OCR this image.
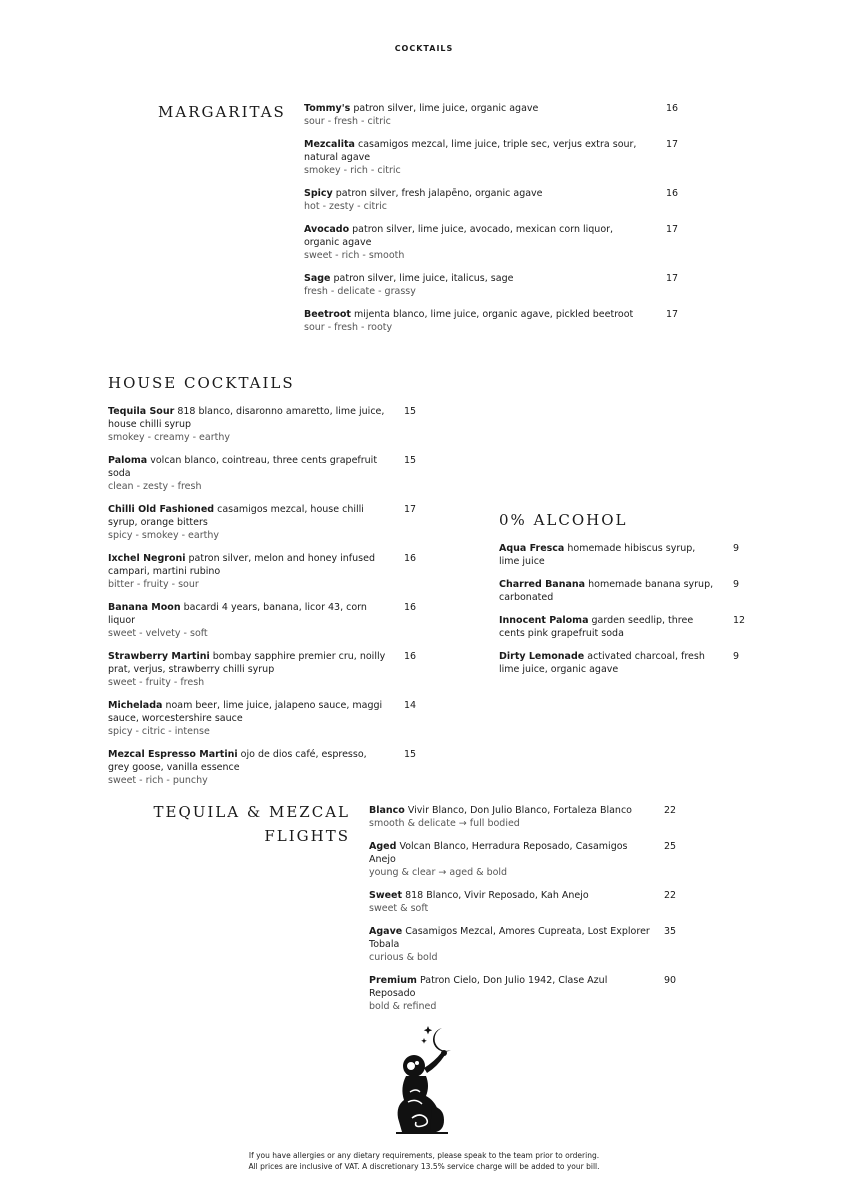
COCKTAILS
MARGARITAS Tommy's patron silver, lime juice, organic agave
sour - fresh - citric
16
Mezcalita casamigos mezcal, lime juice, triple sec, verjus extra sour, natural agave
smokey - rich - citric
17
Spicy patron silver, fresh jalapēno, organic agave
hot - zesty - citric
16
Avocado patron silver, lime juice, avocado, mexican corn liquor, organic agave
sweet - rich - smooth
17
Sage patron silver, lime juice, italicus, sage
fresh - delicate - grassy
17
Beetroot mijenta blanco, lime juice, organic agave, pickled beetroot
sour - fresh - rooty
17
HOUSE COCKTAILS
Tequila Sour 818 blanco, disaronno amaretto, lime juice, house chilli syrup
smokey - creamy - earthy
15
Paloma volcan blanco, cointreau, three cents grapefruit soda
clean - zesty - fresh
15
Chilli Old Fashioned casamigos mezcal, house chilli syrup, orange bitters
spicy - smokey - earthy
17
Ixchel Negroni patron silver, melon and honey infused campari, martini rubino
bitter - fruity - sour
16
Banana Moon bacardi 4 years, banana, licor 43, corn liquor
sweet - velvety - soft
16
Strawberry Martini bombay sapphire premier cru, noilly prat, verjus, strawberry chilli syrup
sweet - fruity - fresh
16
Michelada noam beer, lime juice, jalapeno sauce, maggi sauce, worcestershire sauce
spicy - citric - intense
14
Mezcal Espresso Martini ojo de dios café, espresso, grey goose, vanilla essence
sweet - rich - punchy
15
0% ALCOHOL
Aqua Fresca homemade hibiscus syrup, lime juice
9
Charred Banana homemade banana syrup, carbonated
9
Innocent Paloma garden seedlip, three cents pink grapefruit soda
12
Dirty Lemonade activated charcoal, fresh lime juice, organic agave
9
TEQUILA & MEZCAL
FLIGHTS
Blanco Vivir Blanco, Don Julio Blanco, Fortaleza Blanco
smooth & delicate → full bodied
22
Aged Volcan Blanco, Herradura Reposado, Casamigos Anejo
young & clear → aged & bold
25
Sweet 818 Blanco, Vivir Reposado, Kah Anejo
sweet & soft
22
Agave Casamigos Mezcal, Amores Cupreata, Lost Explorer Tobala
curious & bold
35
Premium Patron Cielo, Don Julio 1942, Clase Azul Reposado
bold & refined
90
If you have allergies or any dietary requirements, please speak to the team prior to ordering.
All prices are inclusive of VAT. A discretionary 13.5% service charge will be added to your bill.
